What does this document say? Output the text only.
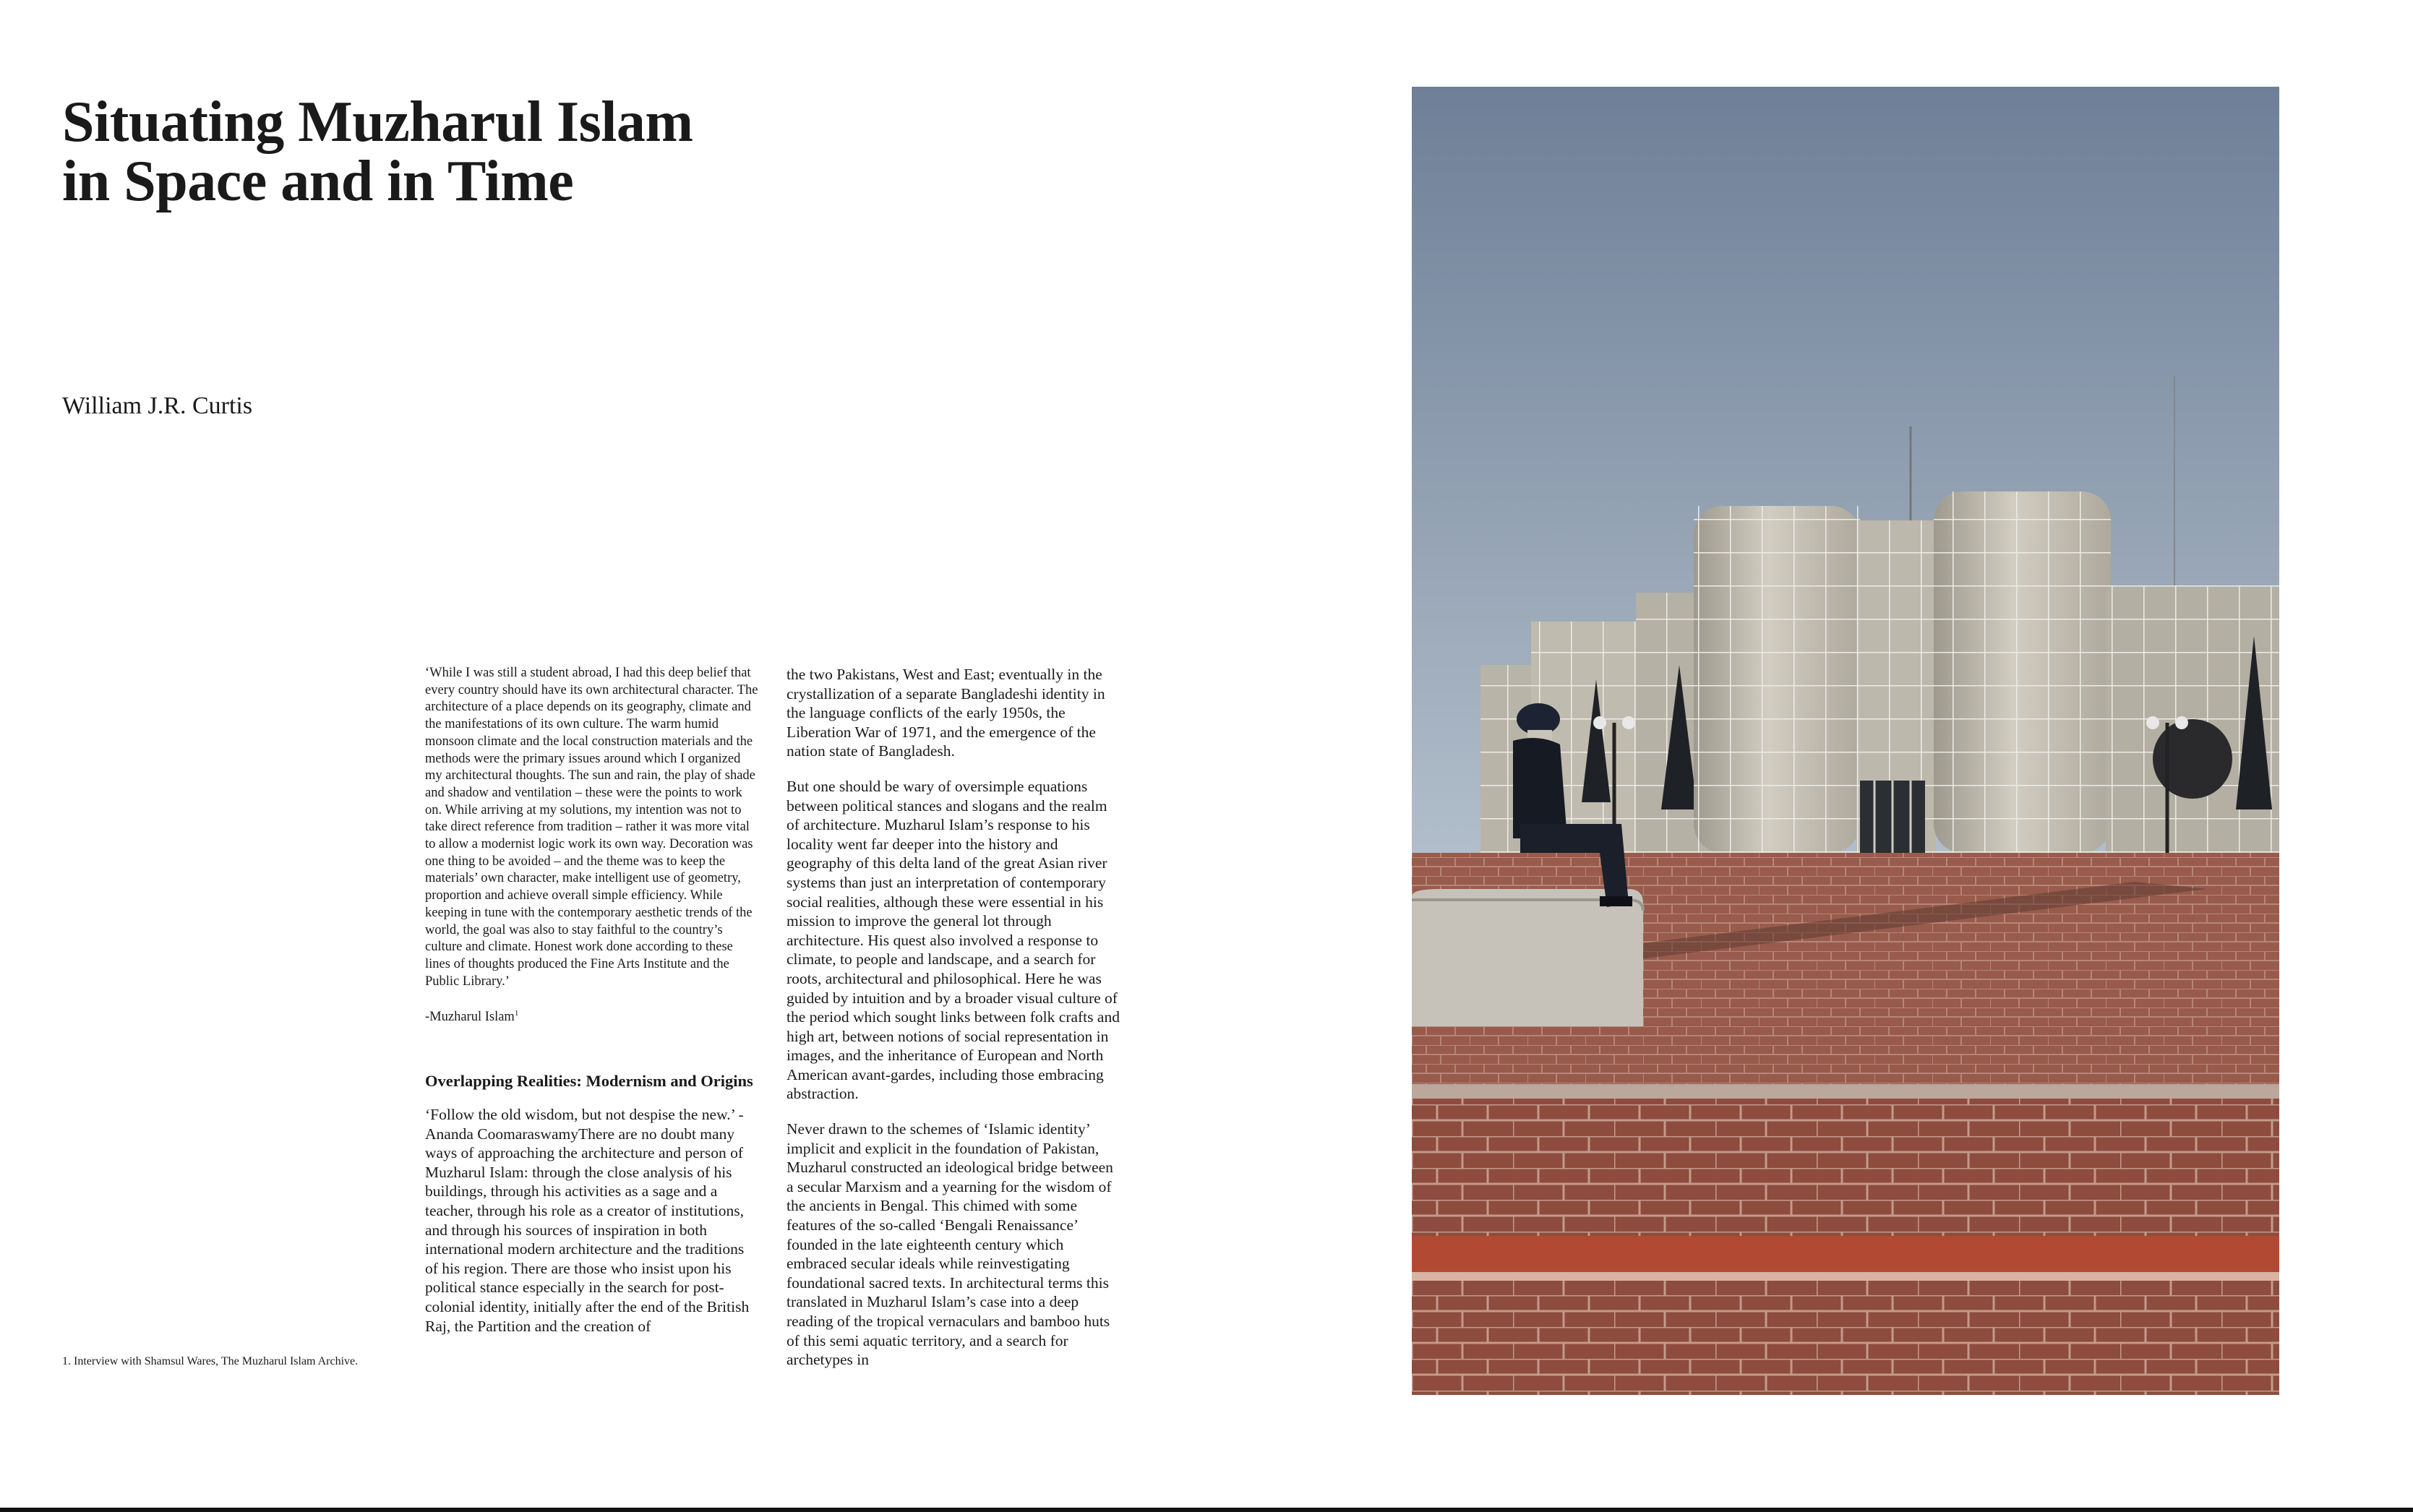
Situating Muzharul Islam
in Space and in Time

William J.R. Curtis

‘While I was still a student abroad, I had this deep belief that every country should have its own architectural character. The architecture of a place depends on its geography, climate and the manifestations of its own culture. The warm humid monsoon climate and the local construction materials and the methods were the primary issues around which I organized my architectural thoughts. The sun and rain, the play of shade and shadow and ventilation – these were the points to work on. While arriving at my solutions, my intention was not to take direct reference from tradition – rather it was more vital to allow a modernist logic work its own way. Decoration was one thing to be avoided – and the theme was to keep the materials’ own character, make intelligent use of geometry, proportion and achieve overall simple efficiency. While keeping in tune with the contemporary aesthetic trends of the world, the goal was also to stay faithful to the country’s culture and climate. Honest work done according to these lines of thoughts produced the Fine Arts Institute and the Public Library.’

-Muzharul Islam$^1$

Overlapping Realities: Modernism and Origins

‘Follow the old wisdom, but not despise the new.’ -Ananda CoomaraswamyThere are no doubt many ways of approaching the architecture and person of Muzharul Islam: through the close analysis of his buildings, through his activities as a sage and a teacher, through his role as a creator of institutions, and through his sources of inspiration in both international modern architecture and the traditions of his region. There are those who insist upon his political stance especially in the search for post-colonial identity, initially after the end of the British Raj, the Partition and the creation of

the two Pakistans, West and East; eventually in the crystallization of a separate Bangladeshi identity in the language conflicts of the early 1950s, the Liberation War of 1971, and the emergence of the nation state of Bangladesh.

But one should be wary of oversimple equations between political stances and slogans and the realm of architecture. Muzharul Islam’s response to his locality went far deeper into the history and geography of this delta land of the great Asian river systems than just an interpretation of contemporary social realities, although these were essential in his mission to improve the general lot through architecture. His quest also involved a response to climate, to people and landscape, and a search for roots, architectural and philosophical. Here he was guided by intuition and by a broader visual culture of the period which sought links between folk crafts and high art, between notions of social representation in images, and the inheritance of European and North American avant-gardes, including those embracing abstraction.

Never drawn to the schemes of ‘Islamic identity’ implicit and explicit in the foundation of Pakistan, Muzharul constructed an ideological bridge between a secular Marxism and a yearning for the wisdom of the ancients in Bengal. This chimed with some features of the so-called ‘Bengali Renaissance’ founded in the late eighteenth century which embraced secular ideals while reinvestigating foundational sacred texts. In architectural terms this translated in Muzharul Islam’s case into a deep reading of the tropical vernaculars and bamboo huts of this semi aquatic territory, and a search for archetypes in

1. Interview with Shamsul Wares, The Muzharul Islam Archive.
